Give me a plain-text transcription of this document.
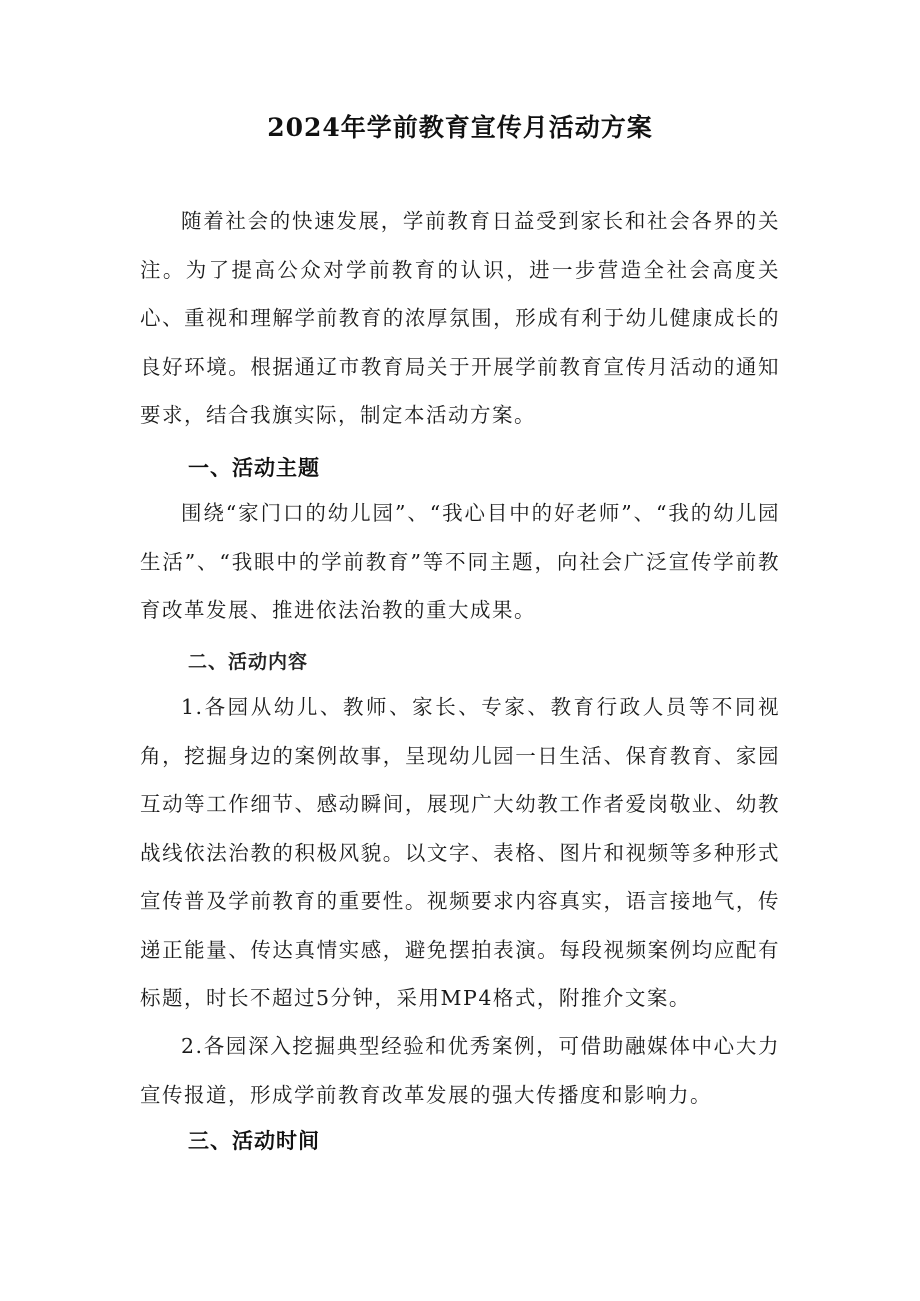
2024年学前教育宣传月活动方案

随着社会的快速发展，学前教育日益受到家长和社会各界的关注。为了提高公众对学前教育的认识，进一步营造全社会高度关心、重视和理解学前教育的浓厚氛围，形成有利于幼儿健康成长的良好环境。根据通辽市教育局关于开展学前教育宣传月活动的通知要求，结合我旗实际，制定本活动方案。

一、活动主题

围绕“家门口的幼儿园”、“我心目中的好老师”、“我的幼儿园生活”、“我眼中的学前教育”等不同主题，向社会广泛宣传学前教育改革发展、推进依法治教的重大成果。

二、活动内容

1.各园从幼儿、教师、家长、专家、教育行政人员等不同视角，挖掘身边的案例故事，呈现幼儿园一日生活、保育教育、家园互动等工作细节、感动瞬间，展现广大幼教工作者爱岗敬业、幼教战线依法治教的积极风貌。以文字、表格、图片和视频等多种形式宣传普及学前教育的重要性。视频要求内容真实，语言接地气，传递正能量、传达真情实感，避免摆拍表演。每段视频案例均应配有标题，时长不超过5分钟，采用MP4格式，附推介文案。

2.各园深入挖掘典型经验和优秀案例，可借助融媒体中心大力宣传报道，形成学前教育改革发展的强大传播度和影响力。

三、活动时间
